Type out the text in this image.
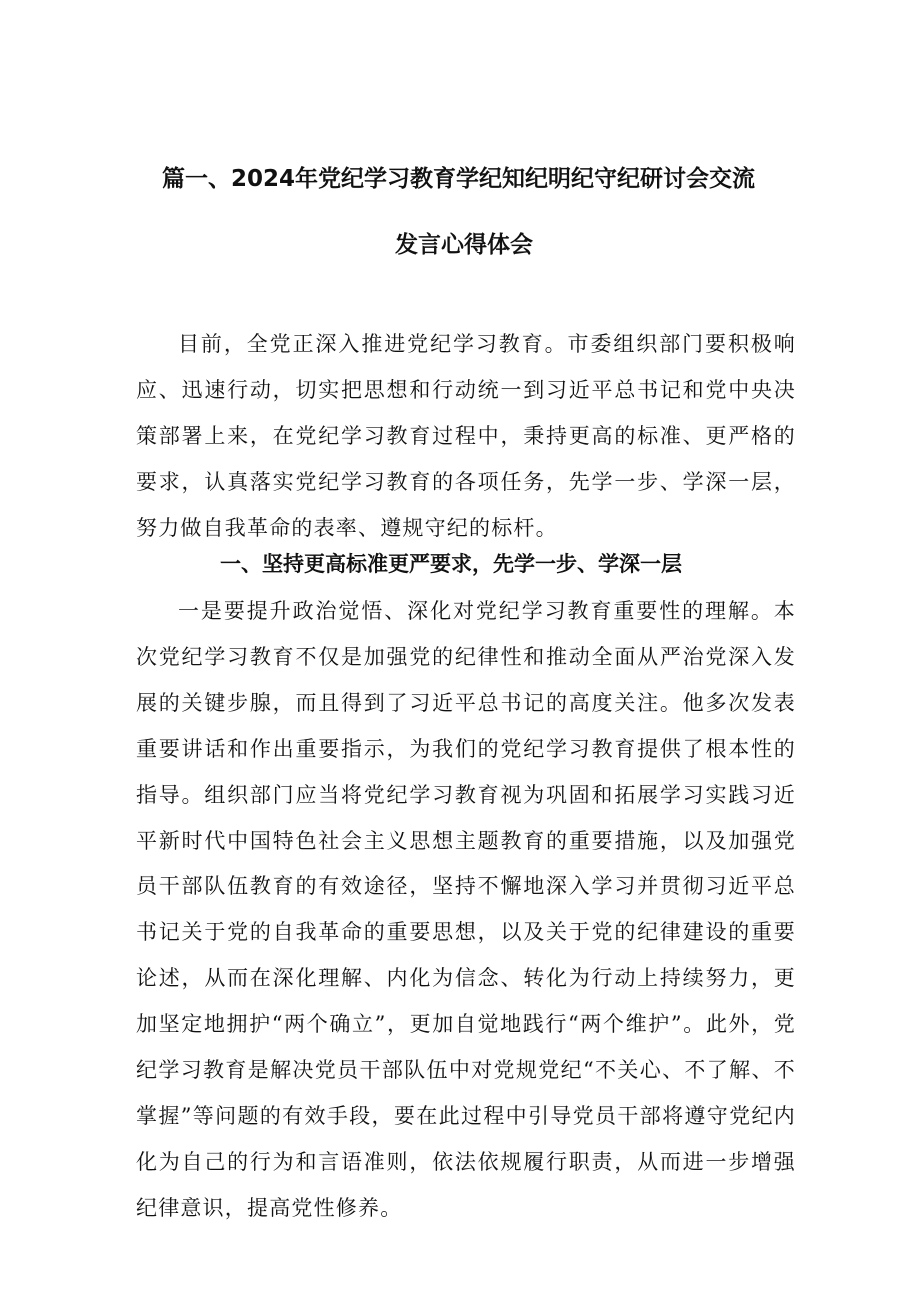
篇一、2024年党纪学习教育学纪知纪明纪守纪研讨会交流
发言心得体会

目前，全党正深入推进党纪学习教育。市委组织部门要积极响应、迅速行动，切实把思想和行动统一到习近平总书记和党中央决策部署上来，在党纪学习教育过程中，秉持更高的标准、更严格的要求，认真落实党纪学习教育的各项任务，先学一步、学深一层，努力做自我革命的表率、遵规守纪的标杆。

一、坚持更高标准更严要求，先学一步、学深一层

一是要提升政治觉悟、深化对党纪学习教育重要性的理解。本次党纪学习教育不仅是加强党的纪律性和推动全面从严治党深入发展的关键步腺，而且得到了习近平总书记的高度关注。他多次发表重要讲话和作出重要指示，为我们的党纪学习教育提供了根本性的指导。组织部门应当将党纪学习教育视为巩固和拓展学习实践习近平新时代中国特色社会主义思想主题教育的重要措施，以及加强党员干部队伍教育的有效途径，坚持不懈地深入学习并贯彻习近平总书记关于党的自我革命的重要思想，以及关于党的纪律建设的重要论述，从而在深化理解、内化为信念、转化为行动上持续努力，更加坚定地拥护“两个确立”，更加自觉地践行“两个维护”。此外，党纪学习教育是解决党员干部队伍中对党规党纪“不关心、不了解、不掌握”等问题的有效手段，要在此过程中引导党员干部将遵守党纪内化为自己的行为和言语准则，依法依规履行职责，从而进一步增强纪律意识，提高党性修养。
